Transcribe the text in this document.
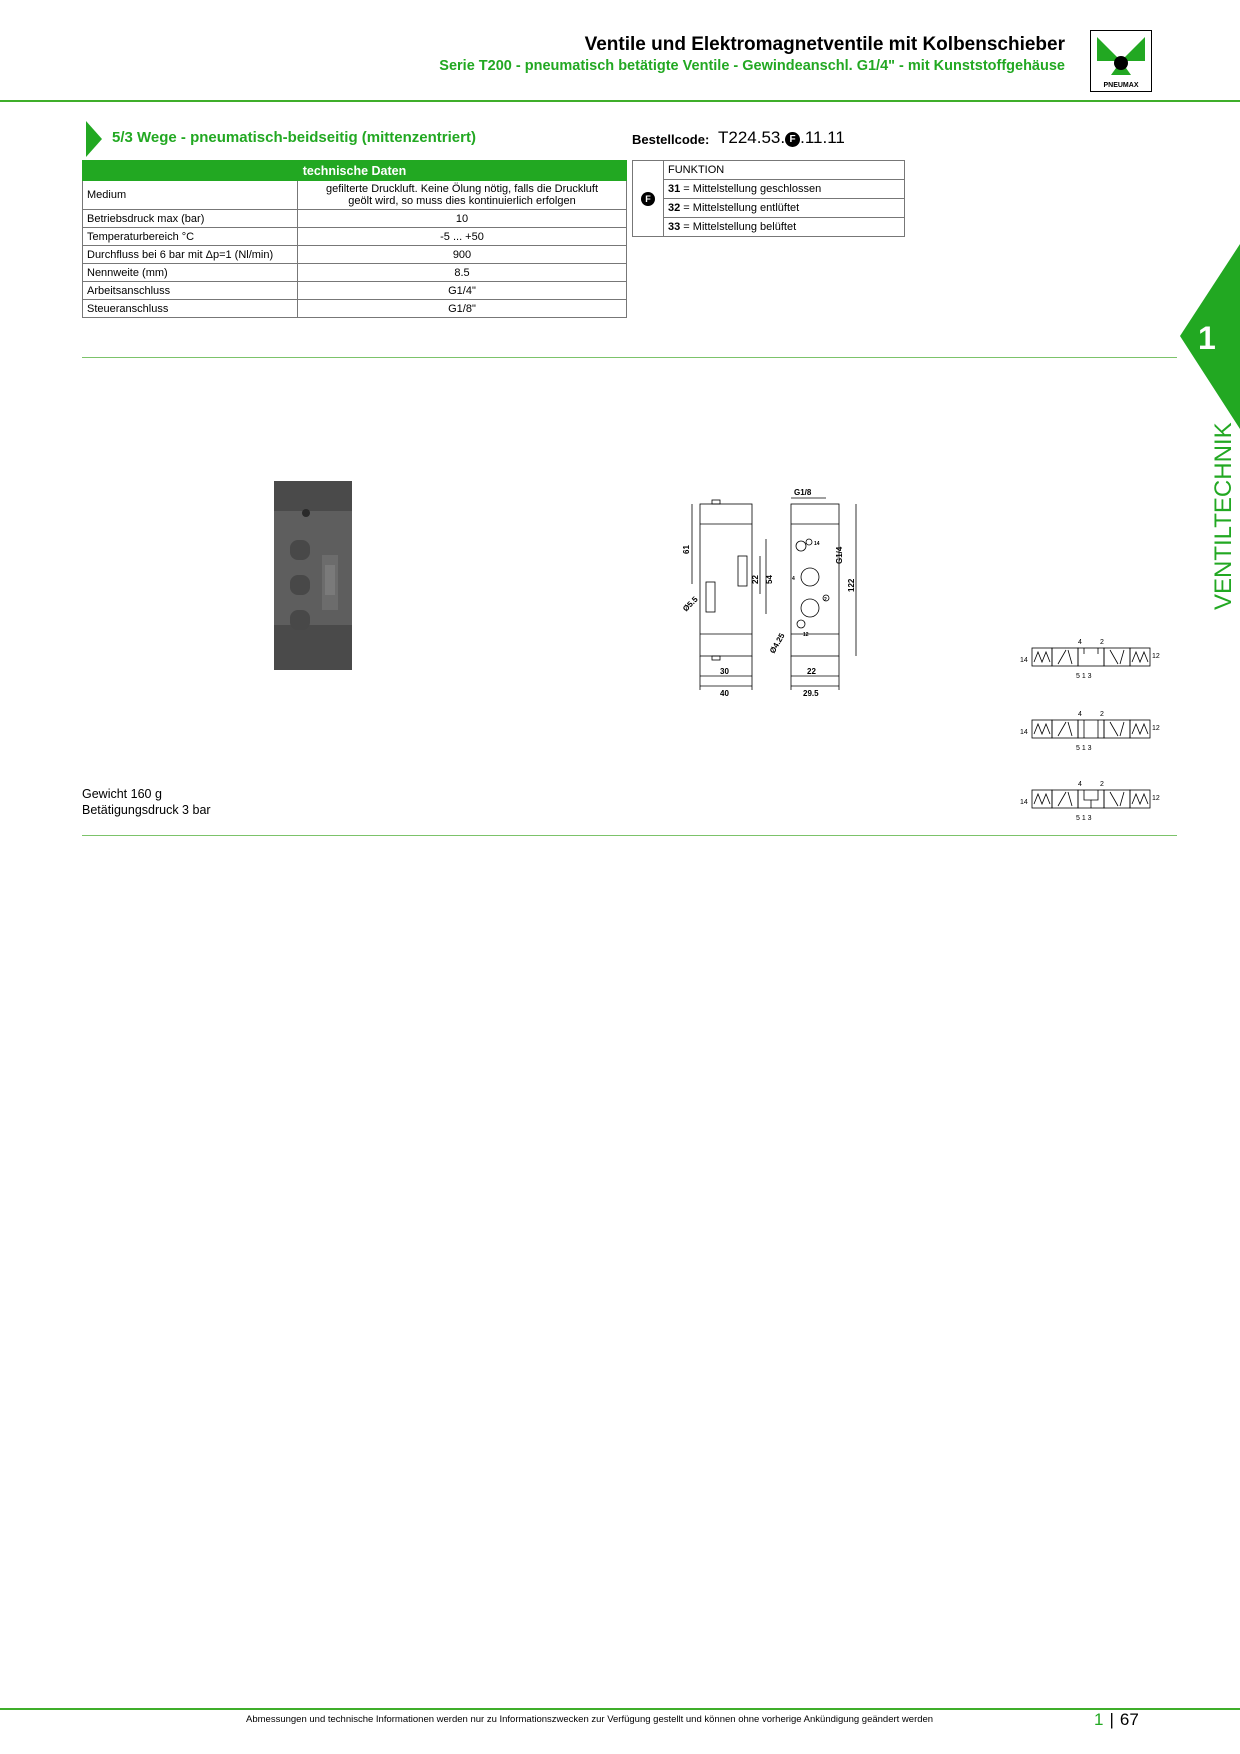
Ventile und Elektromagnetventile mit Kolbenschieber
Serie T200 - pneumatisch betätigte Ventile - Gewindeanschl. G1/4" - mit Kunststoffgehäuse
PNEUMAX
5/3 Wege - pneumatisch-beidseitig (mittenzentriert)	Bestellcode: T224.53. F .11.11
technische Daten	
Medium	gefilterte Druckluft. Keine Ölung nötig, falls die Druckluft geölt wird, so muss dies kontinuierlich erfolgen
Betriebsdruck max (bar)	10
Temperaturbereich °C	-5 ... +50
Durchfluss bei 6 bar mit Δp=1 (Nl/min)	900
Nennweite (mm)	8.5
Arbeitsanschluss	G1/4"
Steueranschluss	G1/8"
F	FUNKTION
31 = Mittelstellung geschlossen
32 = Mittelstellung entlüftet
33 = Mittelstellung belüftet
1
VENTILTECHNIK
G1/8
G1/4
61
22 54	122
Ø5.5
Ø4.25
30
40
22
29.5
14
4
2
12
4	2
14
12
5 1 3
4	2
14
12
5 1 3
4	2
14
12
5 1 3
Gewicht 160 g
Betätigungsdruck 3 bar
Abmessungen und technische Informationen werden nur zu Informationszwecken zur Verfügung gestellt und können ohne vorherige Ankündigung geändert werden	1 | 67
